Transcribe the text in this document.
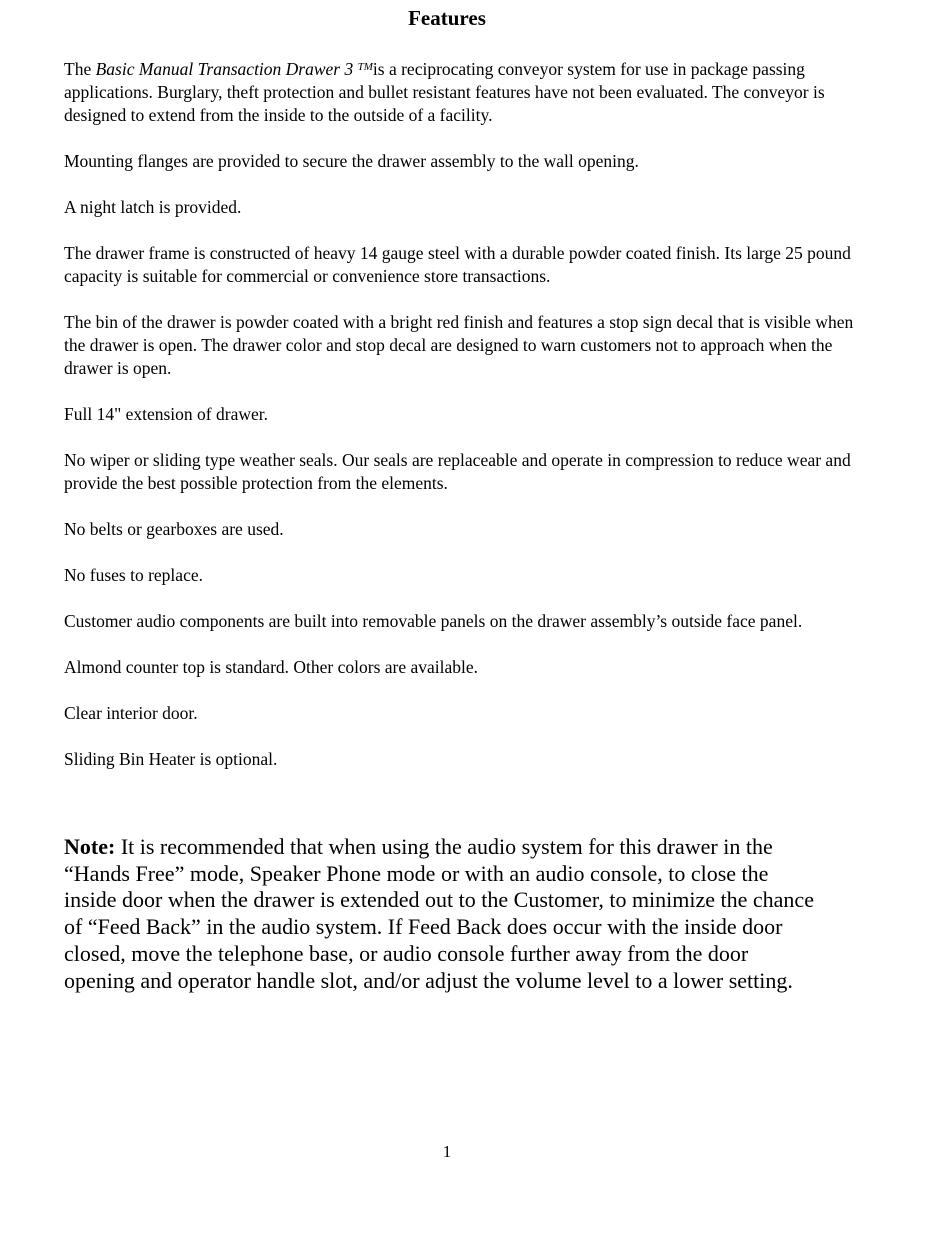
Features

The Basic Manual Transaction Drawer 3 ™is a reciprocating conveyor system for use in package passing applications. Burglary, theft protection and bullet resistant features have not been evaluated. The conveyor is designed to extend from the inside to the outside of a facility.

Mounting flanges are provided to secure the drawer assembly to the wall opening.

A night latch is provided.

The drawer frame is constructed of heavy 14 gauge steel with a durable powder coated finish. Its large 25 pound capacity is suitable for commercial or convenience store transactions.

The bin of the drawer is powder coated with a bright red finish and features a stop sign decal that is visible when the drawer is open. The drawer color and stop decal are designed to warn customers not to approach when the drawer is open.

Full 14" extension of drawer.

No wiper or sliding type weather seals. Our seals are replaceable and operate in compression to reduce wear and provide the best possible protection from the elements.

No belts or gearboxes are used.

No fuses to replace.

Customer audio components are built into removable panels on the drawer assembly’s outside face panel.

Almond counter top is standard. Other colors are available.

Clear interior door.

Sliding Bin Heater is optional.

Note: It is recommended that when using the audio system for this drawer in the “Hands Free” mode, Speaker Phone mode or with an audio console, to close the inside door when the drawer is extended out to the Customer, to minimize the chance of “Feed Back” in the audio system. If Feed Back does occur with the inside door closed, move the telephone base, or audio console further away from the door opening and operator handle slot, and/or adjust the volume level to a lower setting.

1
